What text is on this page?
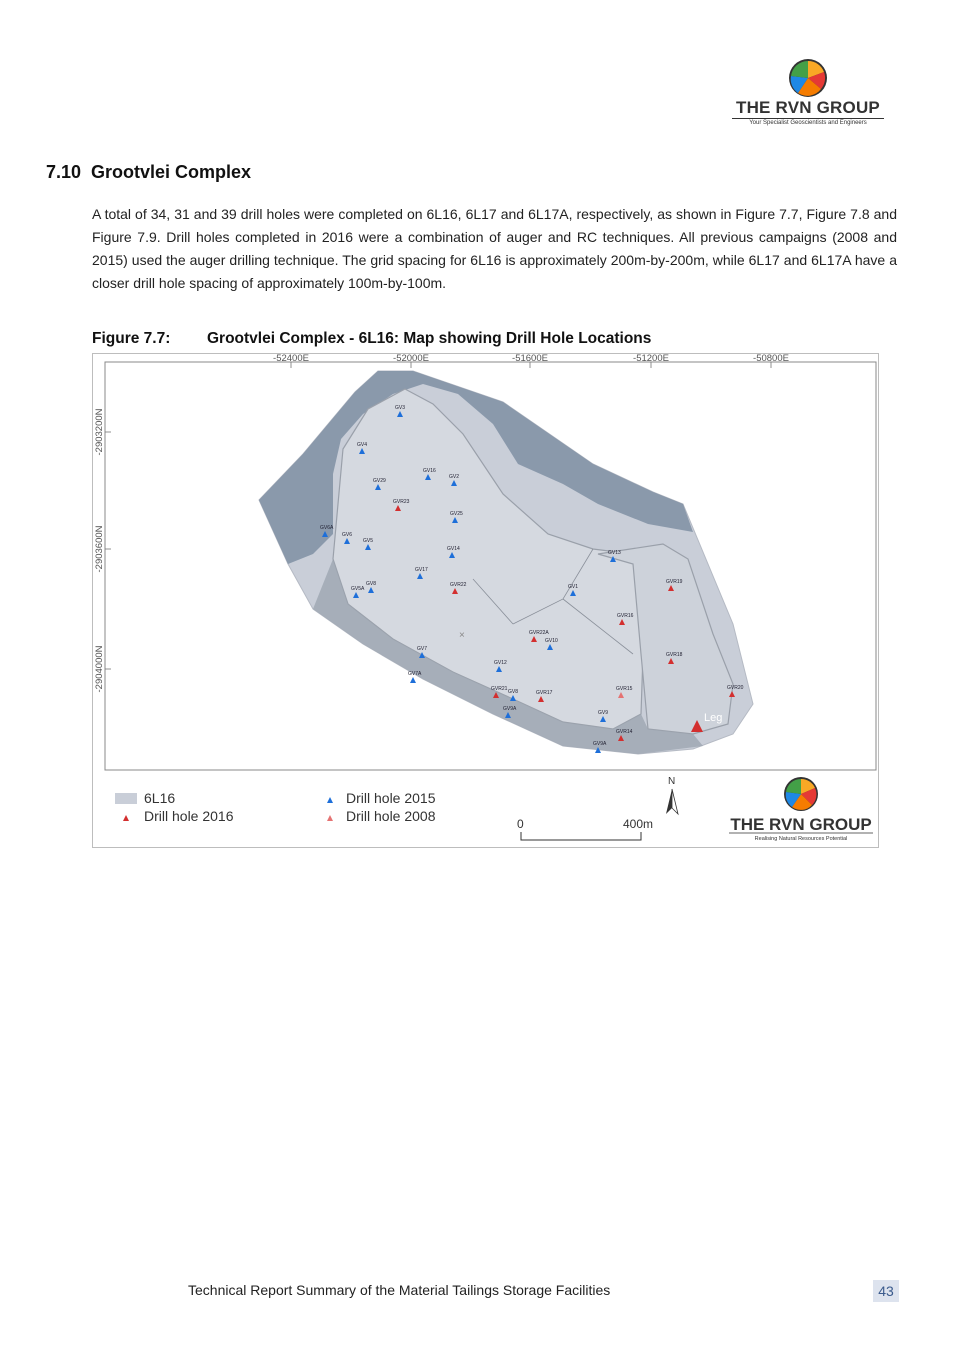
THE RVN GROUP
Your Specialist Geoscientists and Engineers
7.10 Grootvlei Complex

A total of 34, 31 and 39 drill holes were completed on 6L16, 6L17 and 6L17A, respectively, as shown in Figure 7.7, Figure 7.8 and Figure 7.9. Drill holes completed in 2016 were a combination of auger and RC techniques. All previous campaigns (2008 and 2015) used the auger drilling technique. The grid spacing for 6L16 is approximately 200m-by-200m, while 6L17 and 6L17A have a closer drill hole spacing of approximately 100m-by-100m.

Figure 7.7: Grootvlei Complex - 6L16: Map showing Drill Hole Locations
-52400E	-52000E	-51600E	-51200E	-50800E
-2903200N
-2903600N
-2904000N
×
GV3
GV4
GV16
GV2
GV29
GVR23
GV25
GV6A
GV6
GV5
GV14
GV13
GV17
GV8	GVR22	GV1
GVR19
GV5A
GVR16
GVR22A
GV10
GV7
GVR18
GV12
GV7A
GVR21 GV8	GVR17
GVR15	GVR20
GV9A
GV9
GVR14
GV9A
Leg
6L16
Drill hole 2016
Drill hole 2015
Drill hole 2008	0	400m
N
THE RVN GROUP
Realising Natural Resources Potential
Technical Report Summary of the Material Tailings Storage Facilities	43
